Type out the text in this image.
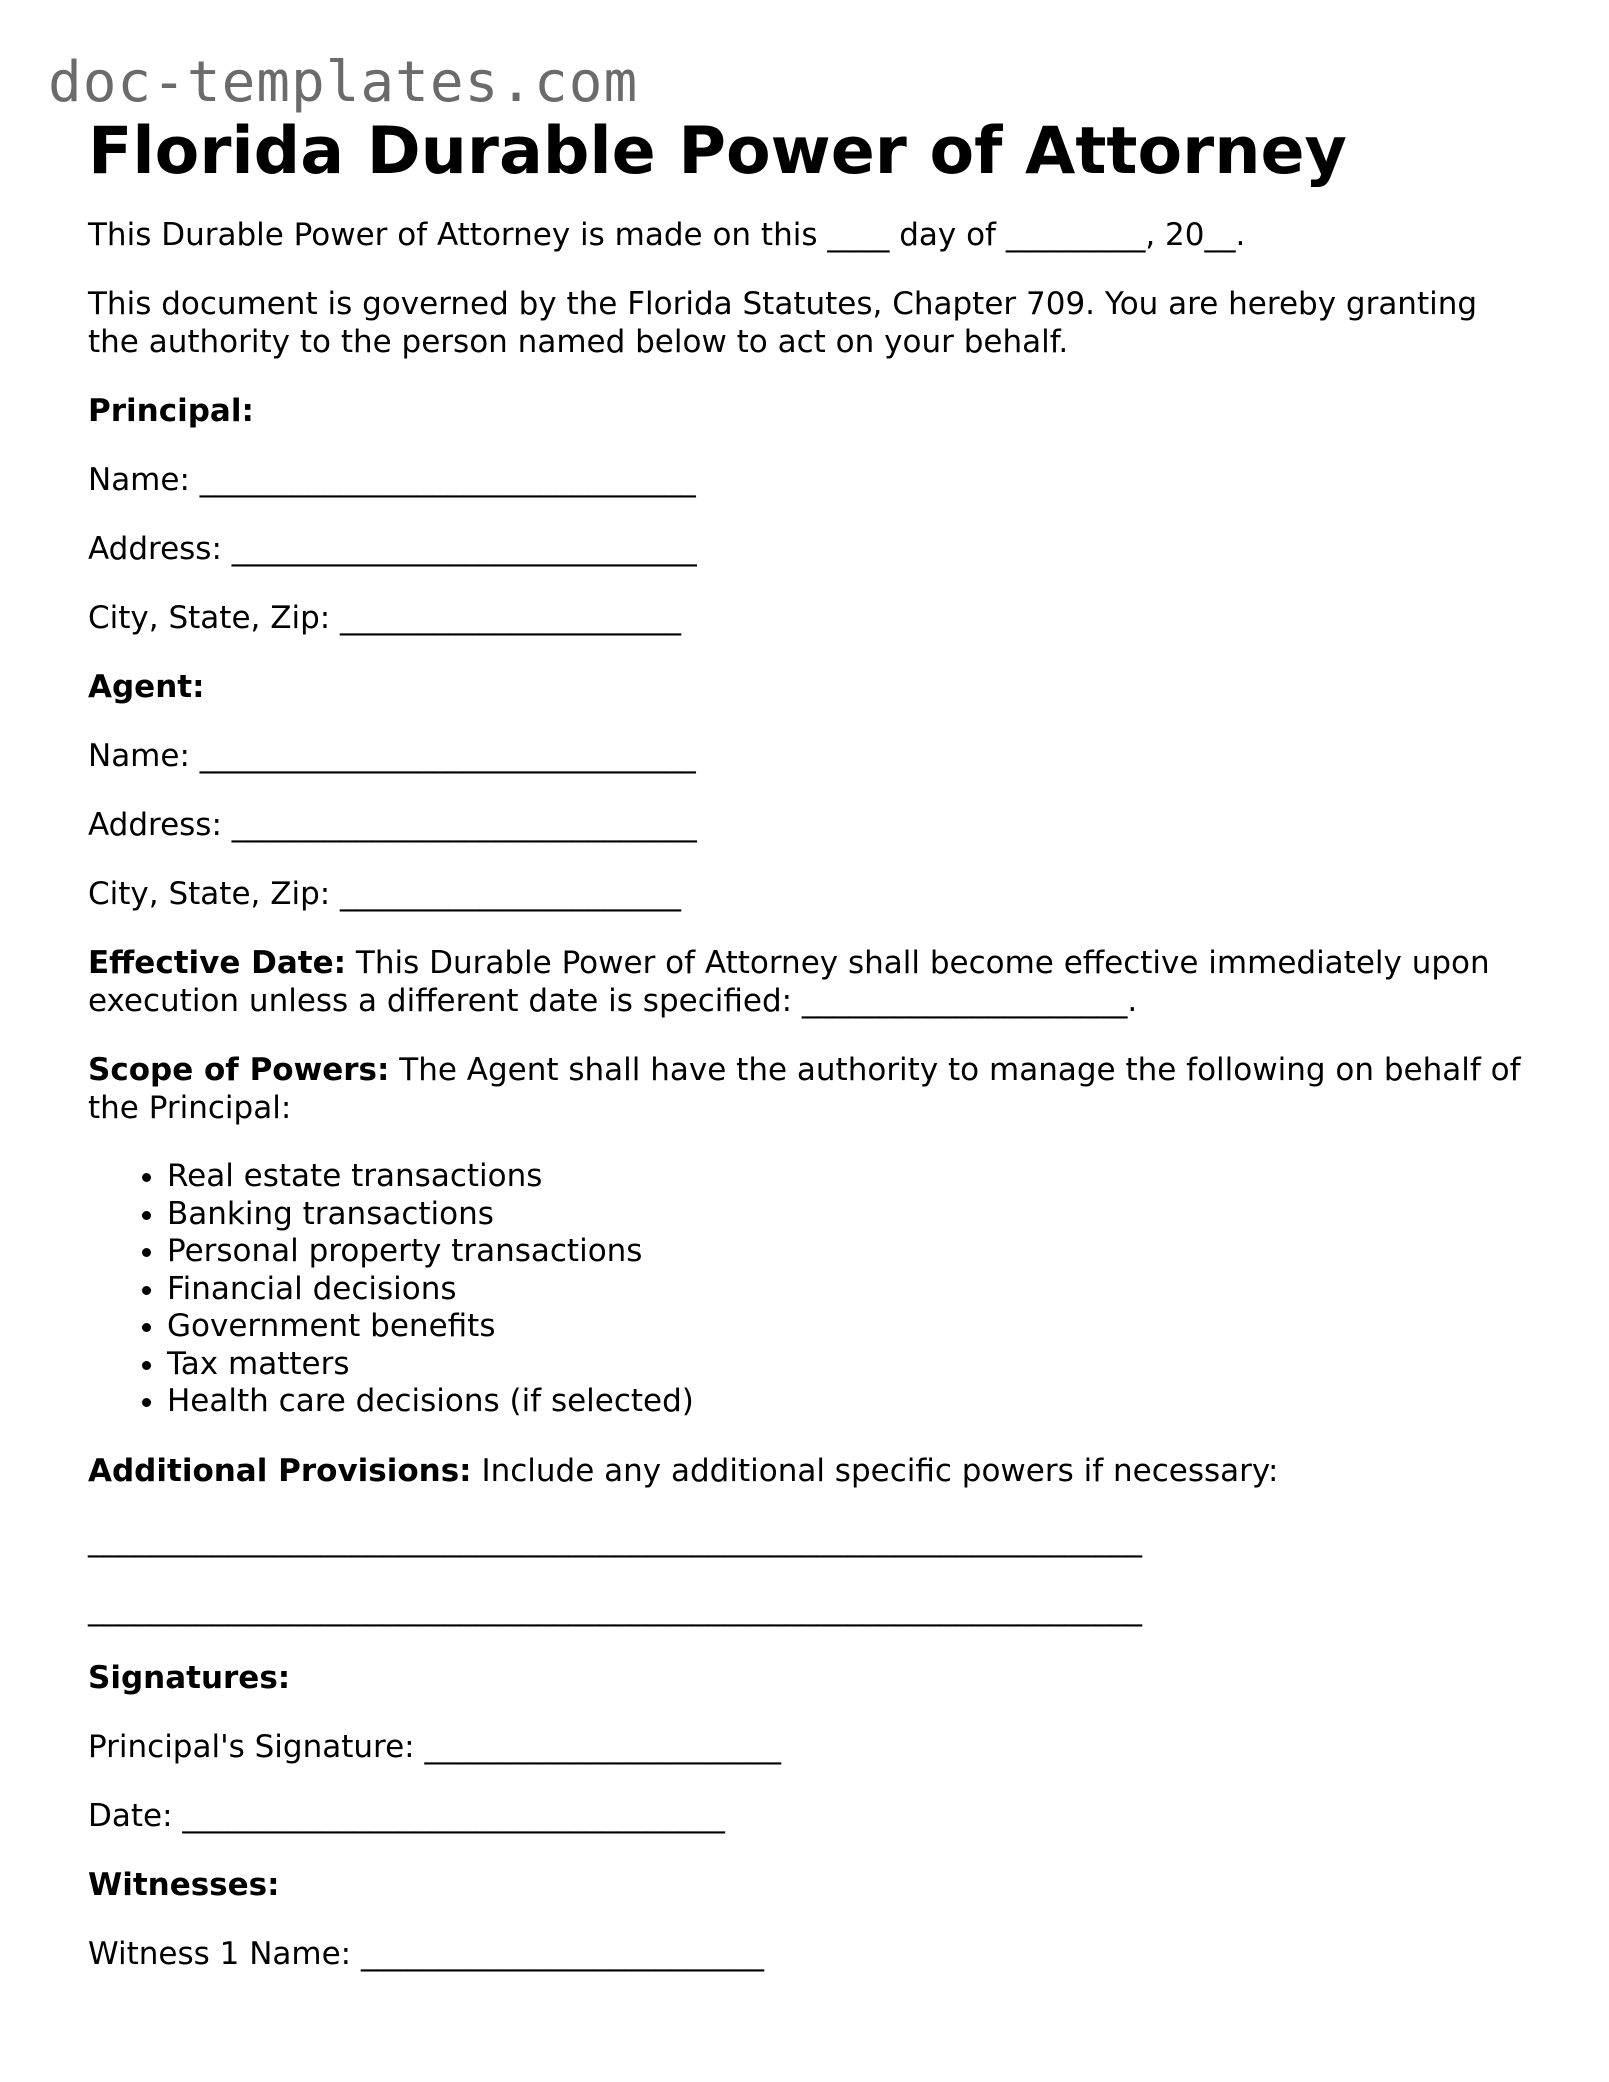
doc-templates.com
Florida Durable Power of Attorney

This Durable Power of Attorney is made on this ____ day of _________, 20__.

This document is governed by the Florida Statutes, Chapter 709. You are hereby granting the authority to the person named below to act on your behalf.

Principal:

Name: ________________________________

Address: ______________________________

City, State, Zip: ______________________

Agent:

Name: ________________________________

Address: ______________________________

City, State, Zip: ______________________

Effective Date: This Durable Power of Attorney shall become effective immediately upon execution unless a different date is specified: _____________________.

Scope of Powers: The Agent shall have the authority to manage the following on behalf of the Principal:

• Real estate transactions
• Banking transactions
• Personal property transactions
• Financial decisions
• Government benefits
• Tax matters
• Health care decisions (if selected)

Additional Provisions: Include any additional specific powers if necessary:

____________________________________________________________________

____________________________________________________________________

Signatures:

Principal's Signature: _______________________

Date: ___________________________________

Witnesses:

Witness 1 Name: __________________________
